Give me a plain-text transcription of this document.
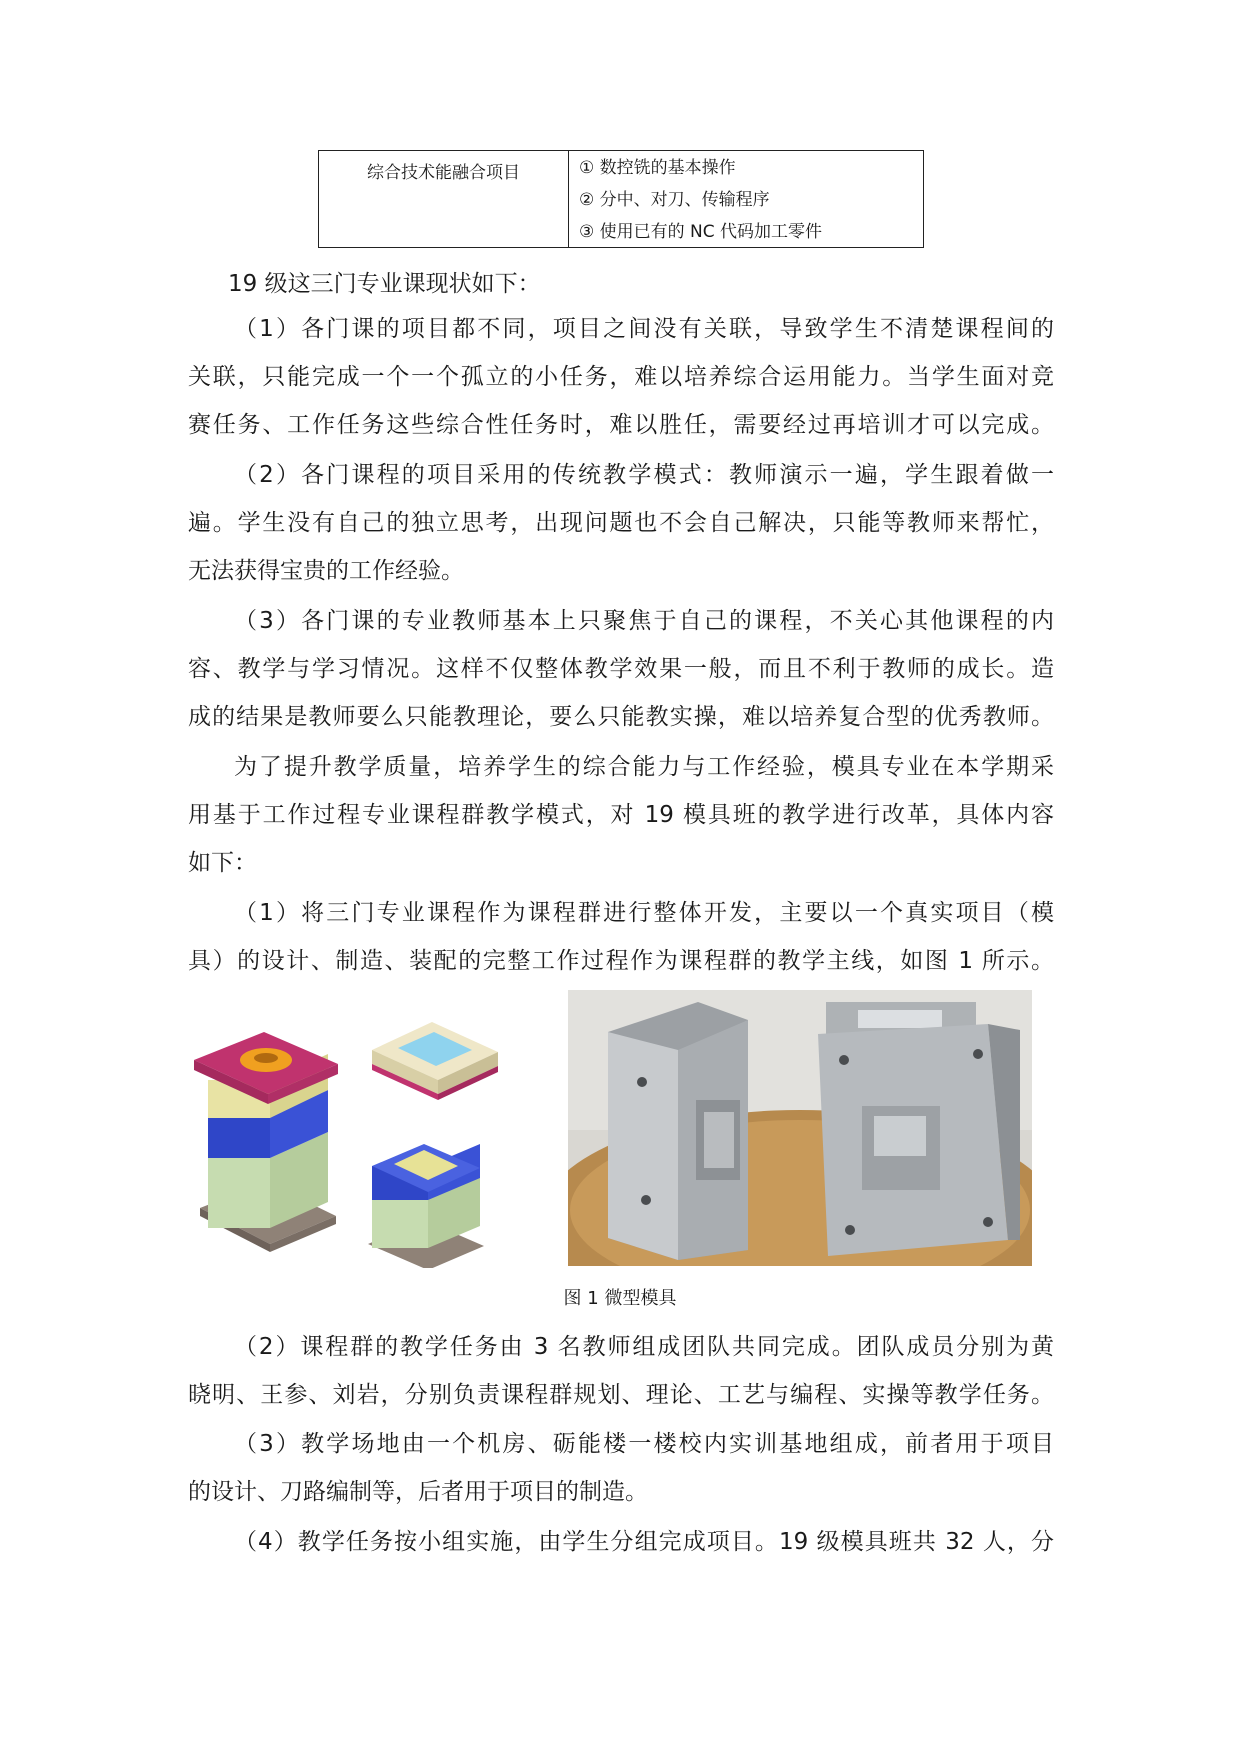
综合技术能融合项目	① 数控铣的基本操作
② 分中、对刀、传输程序
③ 使用已有的 NC 代码加工零件
19 级这三门专业课现状如下：
（1）各门课的项目都不同，项目之间没有关联，导致学生不清楚课程间的
关联，只能完成一个一个孤立的小任务，难以培养综合运用能力。当学生面对竞
赛任务、工作任务这些综合性任务时，难以胜任，需要经过再培训才可以完成。
（2）各门课程的项目采用的传统教学模式：教师演示一遍，学生跟着做一
遍。学生没有自己的独立思考，出现问题也不会自己解决，只能等教师来帮忙，
无法获得宝贵的工作经验。
（3）各门课的专业教师基本上只聚焦于自己的课程，不关心其他课程的内
容、教学与学习情况。这样不仅整体教学效果一般，而且不利于教师的成长。造
成的结果是教师要么只能教理论，要么只能教实操，难以培养复合型的优秀教师。
为了提升教学质量，培养学生的综合能力与工作经验，模具专业在本学期采
用基于工作过程专业课程群教学模式，对 19 模具班的教学进行改革，具体内容
如下：
（1）将三门专业课程作为课程群进行整体开发，主要以一个真实项目（模
具）的设计、制造、装配的完整工作过程作为课程群的教学主线，如图 1 所示。
图 1 微型模具
（2）课程群的教学任务由 3 名教师组成团队共同完成。团队成员分别为黄
晓明、王参、刘岩，分别负责课程群规划、理论、工艺与编程、实操等教学任务。
（3）教学场地由一个机房、砺能楼一楼校内实训基地组成，前者用于项目
的设计、刀路编制等，后者用于项目的制造。
（4）教学任务按小组实施，由学生分组完成项目。19 级模具班共 32 人，分
